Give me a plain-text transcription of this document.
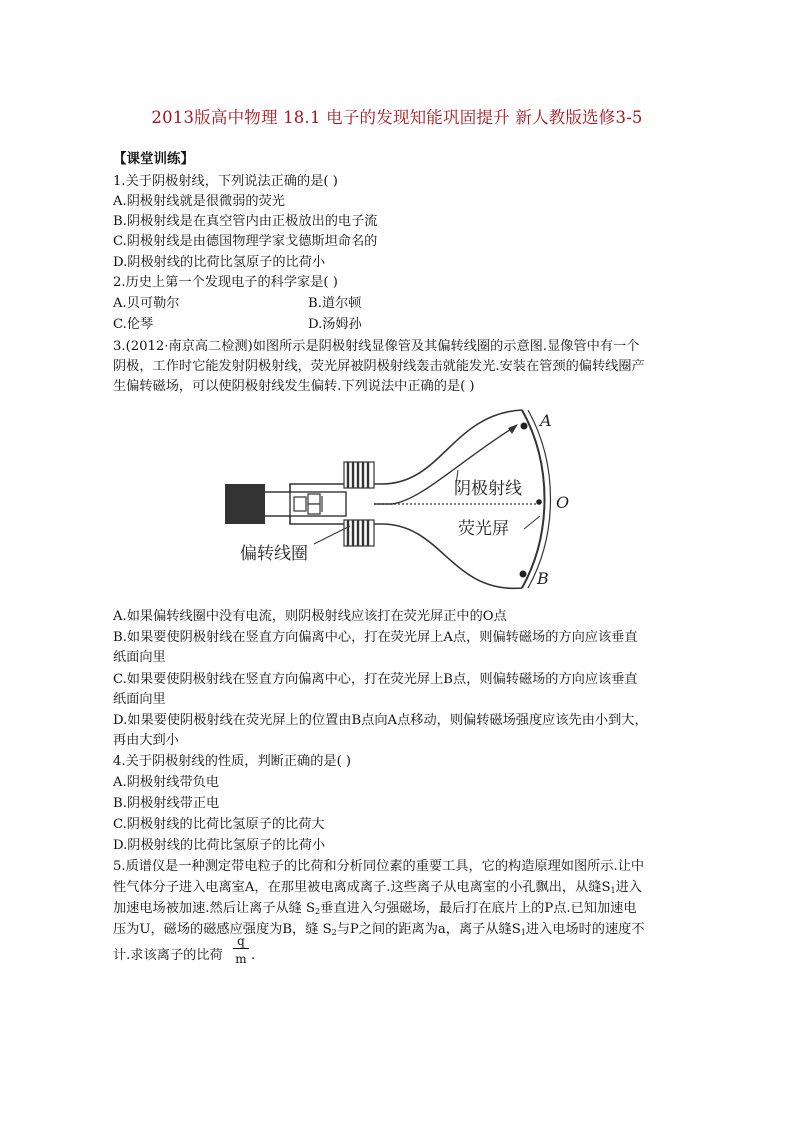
2013版高中物理 18.1 电子的发现知能巩固提升 新人教版选修3-5
【课堂训练】
1.关于阴极射线，下列说法正确的是( )
A.阴极射线就是很微弱的荧光
B.阴极射线是在真空管内由正极放出的电子流
C.阴极射线是由德国物理学家戈德斯坦命名的
D.阴极射线的比荷比氢原子的比荷小
2.历史上第一个发现电子的科学家是( )
A.贝可勒尔	B.道尔顿
C.伦琴	D.汤姆孙
3.(2012·南京高二检测)如图所示是阴极射线显像管及其偏转线圈的示意图.显像管中有一个
阴极，工作时它能发射阴极射线，荧光屏被阴极射线轰击就能发光.安装在管颈的偏转线圈产
生偏转磁场，可以使阴极射线发生偏转.下列说法中正确的是( )
阴极射线
荧光屏
偏转线圈
A
O
B
A.如果偏转线圈中没有电流，则阴极射线应该打在荧光屏正中的O点
B.如果要使阴极射线在竖直方向偏离中心，打在荧光屏上A点，则偏转磁场的方向应该垂直
纸面向里
C.如果要使阴极射线在竖直方向偏离中心，打在荧光屏上B点，则偏转磁场的方向应该垂直
纸面向里
D.如果要使阴极射线在荧光屏上的位置由B点向A点移动，则偏转磁场强度应该先由小到大，
再由大到小
4.关于阴极射线的性质，判断正确的是( )
A.阴极射线带负电
B.阴极射线带正电
C.阴极射线的比荷比氢原子的比荷大
D.阴极射线的比荷比氢原子的比荷小
5.质谱仪是一种测定带电粒子的比荷和分析同位素的重要工具，它的构造原理如图所示.让中
性气体分子进入电离室A，在那里被电离成离子.这些离子从电离室的小孔飘出，从缝$S_1$进入
加速电场被加速.然后让离子从缝 $S_2$垂直进入匀强磁场，最后打在底片上的P点.已知加速电
压为U，磁场的磁感应强度为B，缝 $S_2$与P之间的距离为a，离子从缝$S_1$进入电场时的速度不
计.求该离子的比荷
q
m .
